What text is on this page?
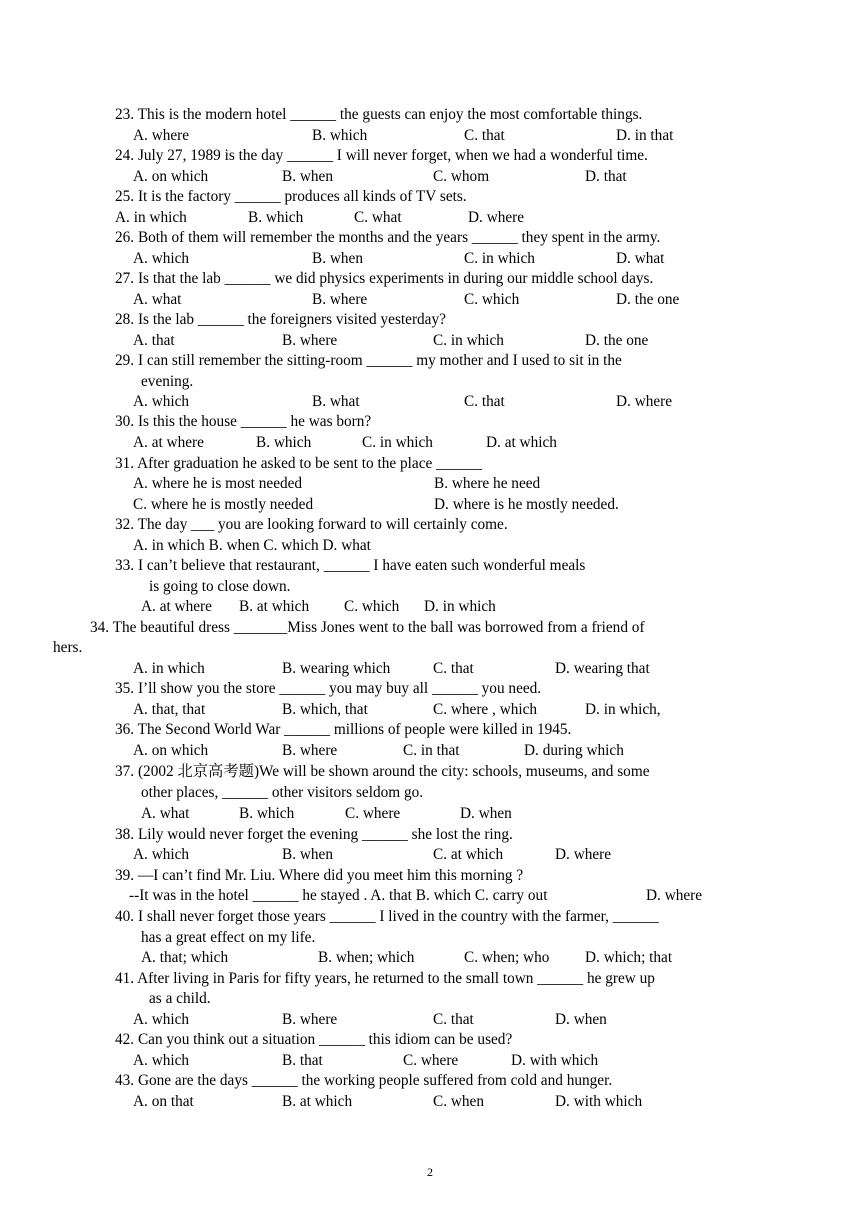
23. This is the modern hotel ______ the guests can enjoy the most comfortable things.
A. where	B. which	C. that	D. in that
24. July 27, 1989 is the day ______ I will never forget, when we had a wonderful time.
A. on which	B. when	C. whom	D. that
25. It is the factory ______ produces all kinds of TV sets.
A. in which	B. which	C. what	D. where
26. Both of them will remember the months and the years ______ they spent in the army.
A. which	B. when	C. in which	D. what
27. Is that the lab ______ we did physics experiments in during our middle school days.
A. what	B. where	C. which	D. the one
28. Is the lab ______ the foreigners visited yesterday?
A. that	B. where	C. in which	D. the one
29. I can still remember the sitting-room ______ my mother and I used to sit in the
evening.
A. which	B. what	C. that	D. where
30. Is this the house ______ he was born?
A. at where	B. which	C. in which	D. at which
31. After graduation he asked to be sent to the place ______
A. where he is most needed	B. where he need
C. where he is mostly needed	D. where is he mostly needed.
32. The day ___ you are looking forward to will certainly come.
A. in which B. when C. which D. what
33. I can’t believe that restaurant, ______ I have eaten such wonderful meals
is going to close down.
A. at where B. at which C. which D. in which
34. The beautiful dress _______Miss Jones went to the ball was borrowed from a friend of
hers.
A. in which	B. wearing which	C. that	D. wearing that
35. I’ll show you the store ______ you may buy all ______ you need.
A. that, that	B. which, that	C. where , which	D. in which,
36. The Second World War ______ millions of people were killed in 1945.
A. on which	B. where	C. in that	D. during which
37. (2002 北京高考题)We will be shown around the city: schools, museums, and some
other places, ______ other visitors seldom go.
A. what	B. which	C. where	D. when
38. Lily would never forget the evening ______ she lost the ring.
A. which	B. when	C. at which	D. where
39. —I can’t find Mr. Liu. Where did you meet him this morning ?
--It was in the hotel ______ he stayed . A. that B. which C. carry out	D. where
40. I shall never forget those years ______ I lived in the country with the farmer, ______
has a great effect on my life.
A. that; which	B. when; which	C. when; who D. which; that
41. After living in Paris for fifty years, he returned to the small town ______ he grew up
as a child.
A. which	B. where	C. that	D. when
42. Can you think out a situation ______ this idiom can be used?
A. which	B. that	C. where	D. with which
43. Gone are the days ______ the working people suffered from cold and hunger.
A. on that	B. at which	C. when	D. with which
2
